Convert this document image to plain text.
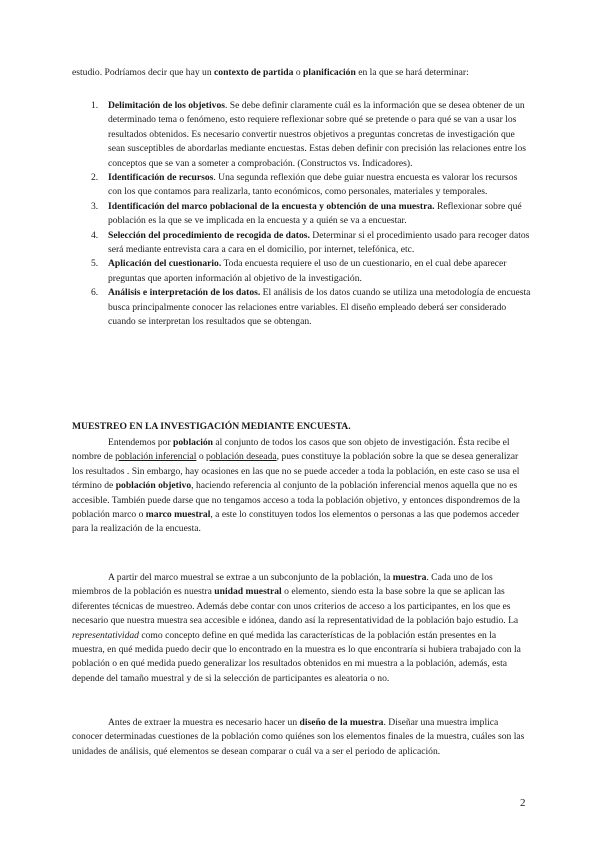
estudio. Podríamos decir que hay un contexto de partida o planificación en la que se hará determinar:

1. Delimitación de los objetivos. Se debe definir claramente cuál es la información que se desea obtener de un determinado tema o fenómeno, esto requiere reflexionar sobre qué se pretende o para qué se van a usar los resultados obtenidos. Es necesario convertir nuestros objetivos a preguntas concretas de investigación que sean susceptibles de abordarlas mediante encuestas. Estas deben definir con precisión las relaciones entre los conceptos que se van a someter a comprobación. (Constructos vs. Indicadores).
2. Identificación de recursos. Una segunda reflexión que debe guiar nuestra encuesta es valorar los recursos con los que contamos para realizarla, tanto económicos, como personales, materiales y temporales.
3. Identificación del marco poblacional de la encuesta y obtención de una muestra. Reflexionar sobre qué población es la que se ve implicada en la encuesta y a quién se va a encuestar.
4. Selección del procedimiento de recogida de datos. Determinar si el procedimiento usado para recoger datos será mediante entrevista cara a cara en el domicilio, por internet, telefónica, etc.
5. Aplicación del cuestionario. Toda encuesta requiere el uso de un cuestionario, en el cual debe aparecer preguntas que aporten información al objetivo de la investigación.
6. Análisis e interpretación de los datos. El análisis de los datos cuando se utiliza una metodología de encuesta busca principalmente conocer las relaciones entre variables. El diseño empleado deberá ser considerado cuando se interpretan los resultados que se obtengan.

MUESTREO EN LA INVESTIGACIÓN MEDIANTE ENCUESTA.

Entendemos por población al conjunto de todos los casos que son objeto de investigación. Ésta recibe el nombre de población inferencial o población deseada, pues constituye la población sobre la que se desea generalizar los resultados . Sin embargo, hay ocasiones en las que no se puede acceder a toda la población, en este caso se usa el término de población objetivo, haciendo referencia al conjunto de la población inferencial menos aquella que no es accesible. También puede darse que no tengamos acceso a toda la población objetivo, y entonces dispondremos de la población marco o marco muestral, a este lo constituyen todos los elementos o personas a las que podemos acceder para la realización de la encuesta.

A partir del marco muestral se extrae a un subconjunto de la población, la muestra. Cada uno de los miembros de la población es nuestra unidad muestral o elemento, siendo esta la base sobre la que se aplican las diferentes técnicas de muestreo. Además debe contar con unos criterios de acceso a los participantes, en los que es necesario que nuestra muestra sea accesible e idónea, dando así la representatividad de la población bajo estudio. La representatividad como concepto define en qué medida las características de la población están presentes en la muestra, en qué medida puedo decir que lo encontrado en la muestra es lo que encontraría si hubiera trabajado con la población o en qué medida puedo generalizar los resultados obtenidos en mi muestra a la población, además, esta depende del tamaño muestral y de si la selección de participantes es aleatoria o no.

Antes de extraer la muestra es necesario hacer un diseño de la muestra. Diseñar una muestra implica conocer determinadas cuestiones de la población como quiénes son los elementos finales de la muestra, cuáles son las unidades de análisis, qué elementos se desean comparar o cuál va a ser el periodo de aplicación.

2
